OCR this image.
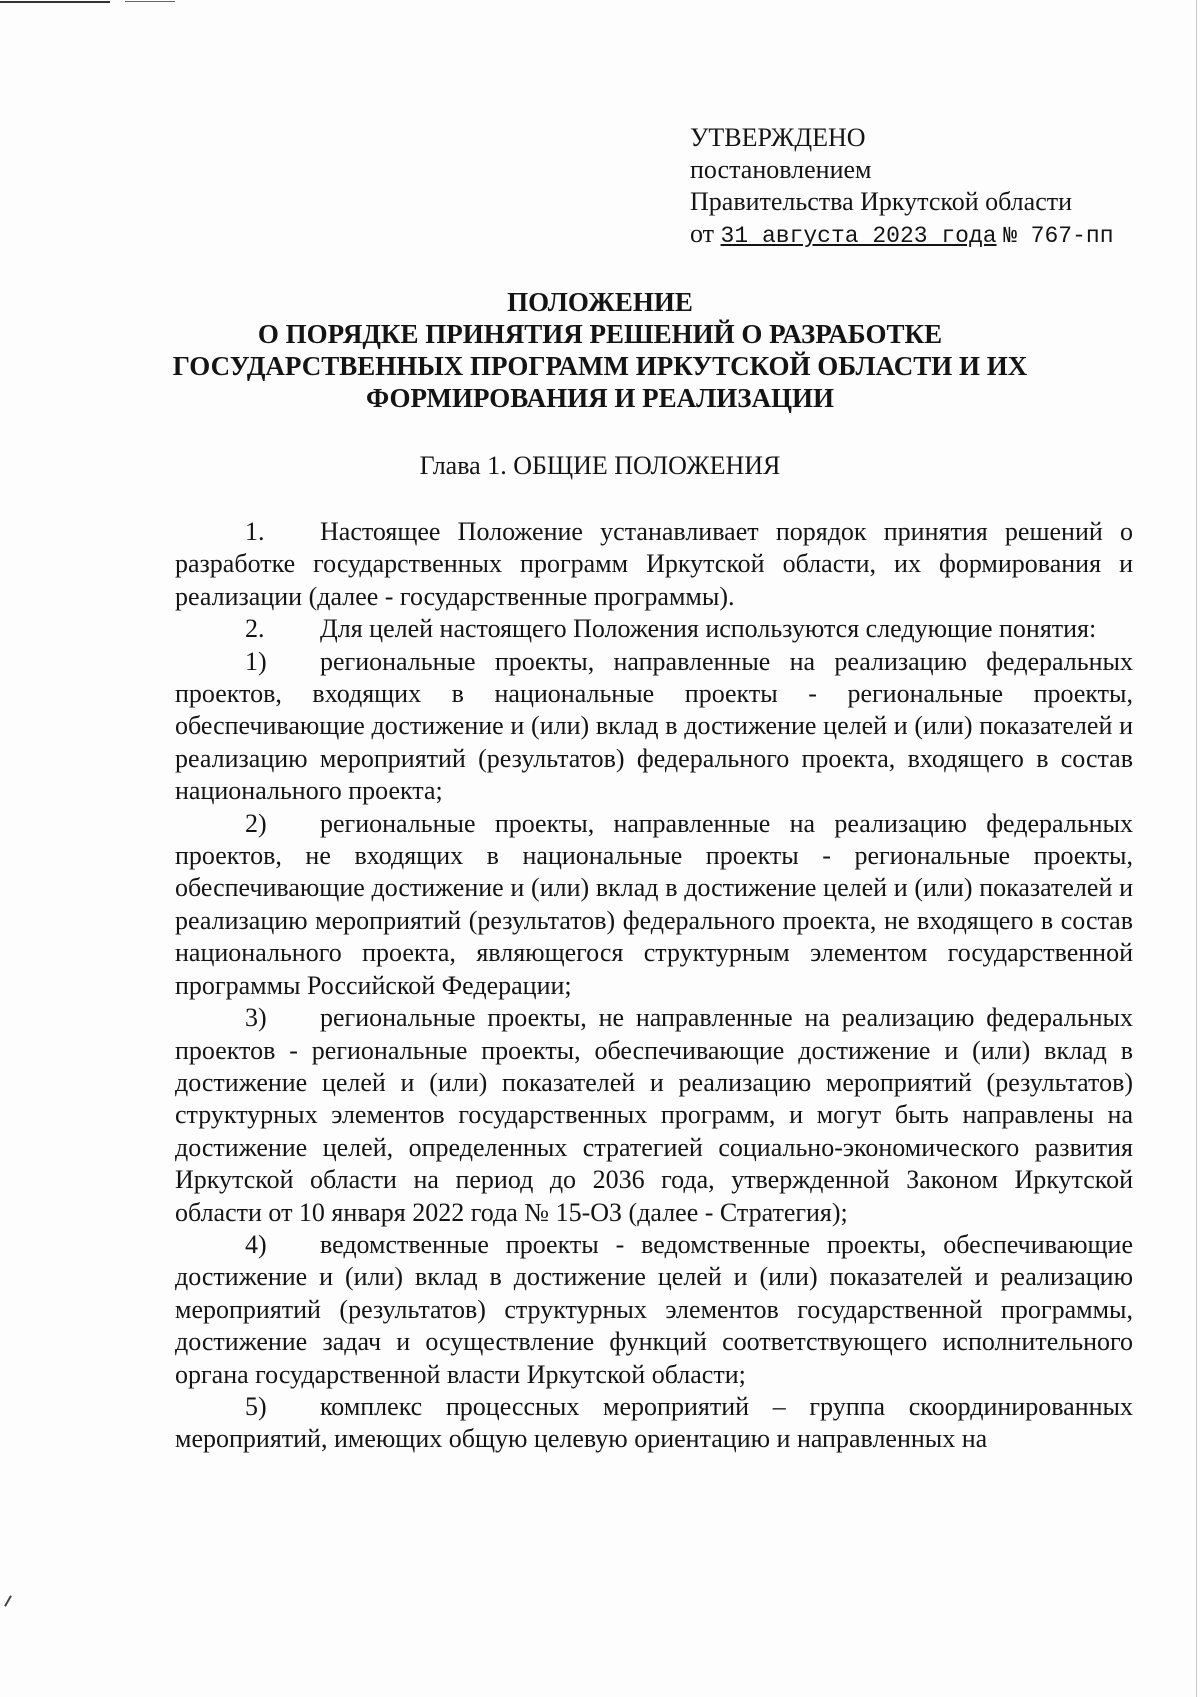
УТВЕРЖДЕНО
постановлением
Правительства Иркутской области
от 31 августа 2023 года № 767-пп
ПОЛОЖЕНИЕ
О ПОРЯДКЕ ПРИНЯТИЯ РЕШЕНИЙ О РАЗРАБОТКЕ
ГОСУДАРСТВЕННЫХ ПРОГРАММ ИРКУТСКОЙ ОБЛАСТИ И ИХ
ФОРМИРОВАНИЯ И РЕАЛИЗАЦИИ
Глава 1. ОБЩИЕ ПОЛОЖЕНИЯ

1. Настоящее Положение устанавливает порядок принятия решений о разработке государственных программ Иркутской области, их формирования и реализации (далее - государственные программы).

2. Для целей настоящего Положения используются следующие понятия:

1) региональные проекты, направленные на реализацию федеральных проектов, входящих в национальные проекты - региональные проекты, обеспечивающие достижение и (или) вклад в достижение целей и (или) показателей и реализацию мероприятий (результатов) федерального проекта, входящего в состав национального проекта;

2) региональные проекты, направленные на реализацию федеральных проектов, не входящих в национальные проекты - региональные проекты, обеспечивающие достижение и (или) вклад в достижение целей и (или) показателей и реализацию мероприятий (результатов) федерального проекта, не входящего в состав национального проекта, являющегося структурным элементом государственной программы Российской Федерации;

3) региональные проекты, не направленные на реализацию федеральных проектов - региональные проекты, обеспечивающие достижение и (или) вклад в достижение целей и (или) показателей и реализацию мероприятий (результатов) структурных элементов государственных программ, и могут быть направлены на достижение целей, определенных стратегией социально-экономического развития Иркутской области на период до 2036 года, утвержденной Законом Иркутской области от 10 января 2022 года № 15-ОЗ (далее - Стратегия);

4) ведомственные проекты - ведомственные проекты, обеспечивающие достижение и (или) вклад в достижение целей и (или) показателей и реализацию мероприятий (результатов) структурных элементов государственной программы, достижение задач и осуществление функций соответствующего исполнительного органа государственной власти Иркутской области;

5) комплекс процессных мероприятий – группа скоординированных мероприятий, имеющих общую целевую ориентацию и направленных на
